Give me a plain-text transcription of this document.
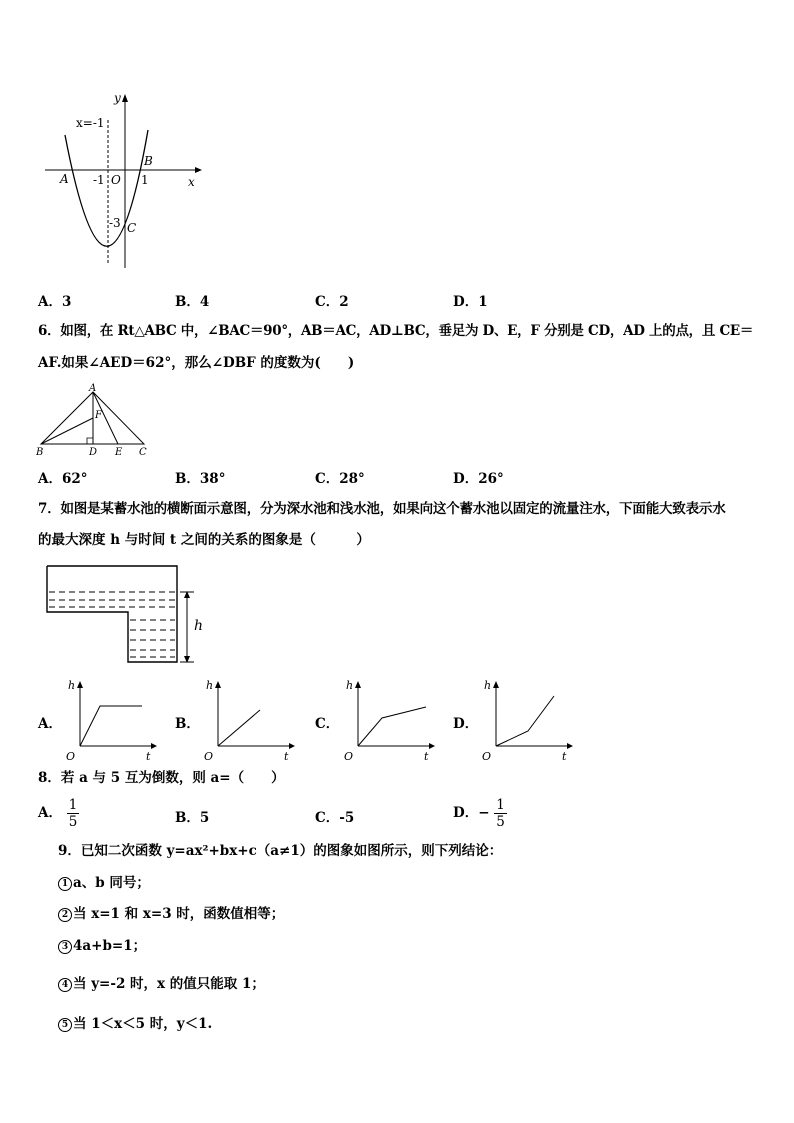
y
x
x=-1
A
B
C
O
-1	1
-3
A．3	B．4	C．2	D．1
6．如图，在 Rt△ABC 中，∠BAC＝90°，AB＝AC，AD⊥BC，垂足为 D、E，F 分别是 CD，AD 上的点，且 CE＝
AF.如果∠AED＝62°，那么∠DBF 的度数为(　　)
A
F
B	D E C
A．62°	B．38°	C．28°	D．26°
7．如图是某蓄水池的横断面示意图，分为深水池和浅水池，如果向这个蓄水池以固定的流量注水，下面能大致表示水
的最大深度 h 与时间 t 之间的关系的图象是（　　　）
h
A．	B．	C．	D．
h
t
O
h
t
O
h
t
O
h
t
O
8．若 a 与 5 互为倒数，则 a=（　　）
A． $\frac{1}{5}$	B．5	C．-5	D．− $\frac{1}{5}$
9．已知二次函数 y=ax²+bx+c（a≠1）的图象如图所示，则下列结论：
1 a、b 同号；
2 当 x=1 和 x=3 时，函数值相等；
3 4a+b=1；
4 当 y=-2 时，x 的值只能取 1；
5 当 1＜x＜5 时，y＜1.
